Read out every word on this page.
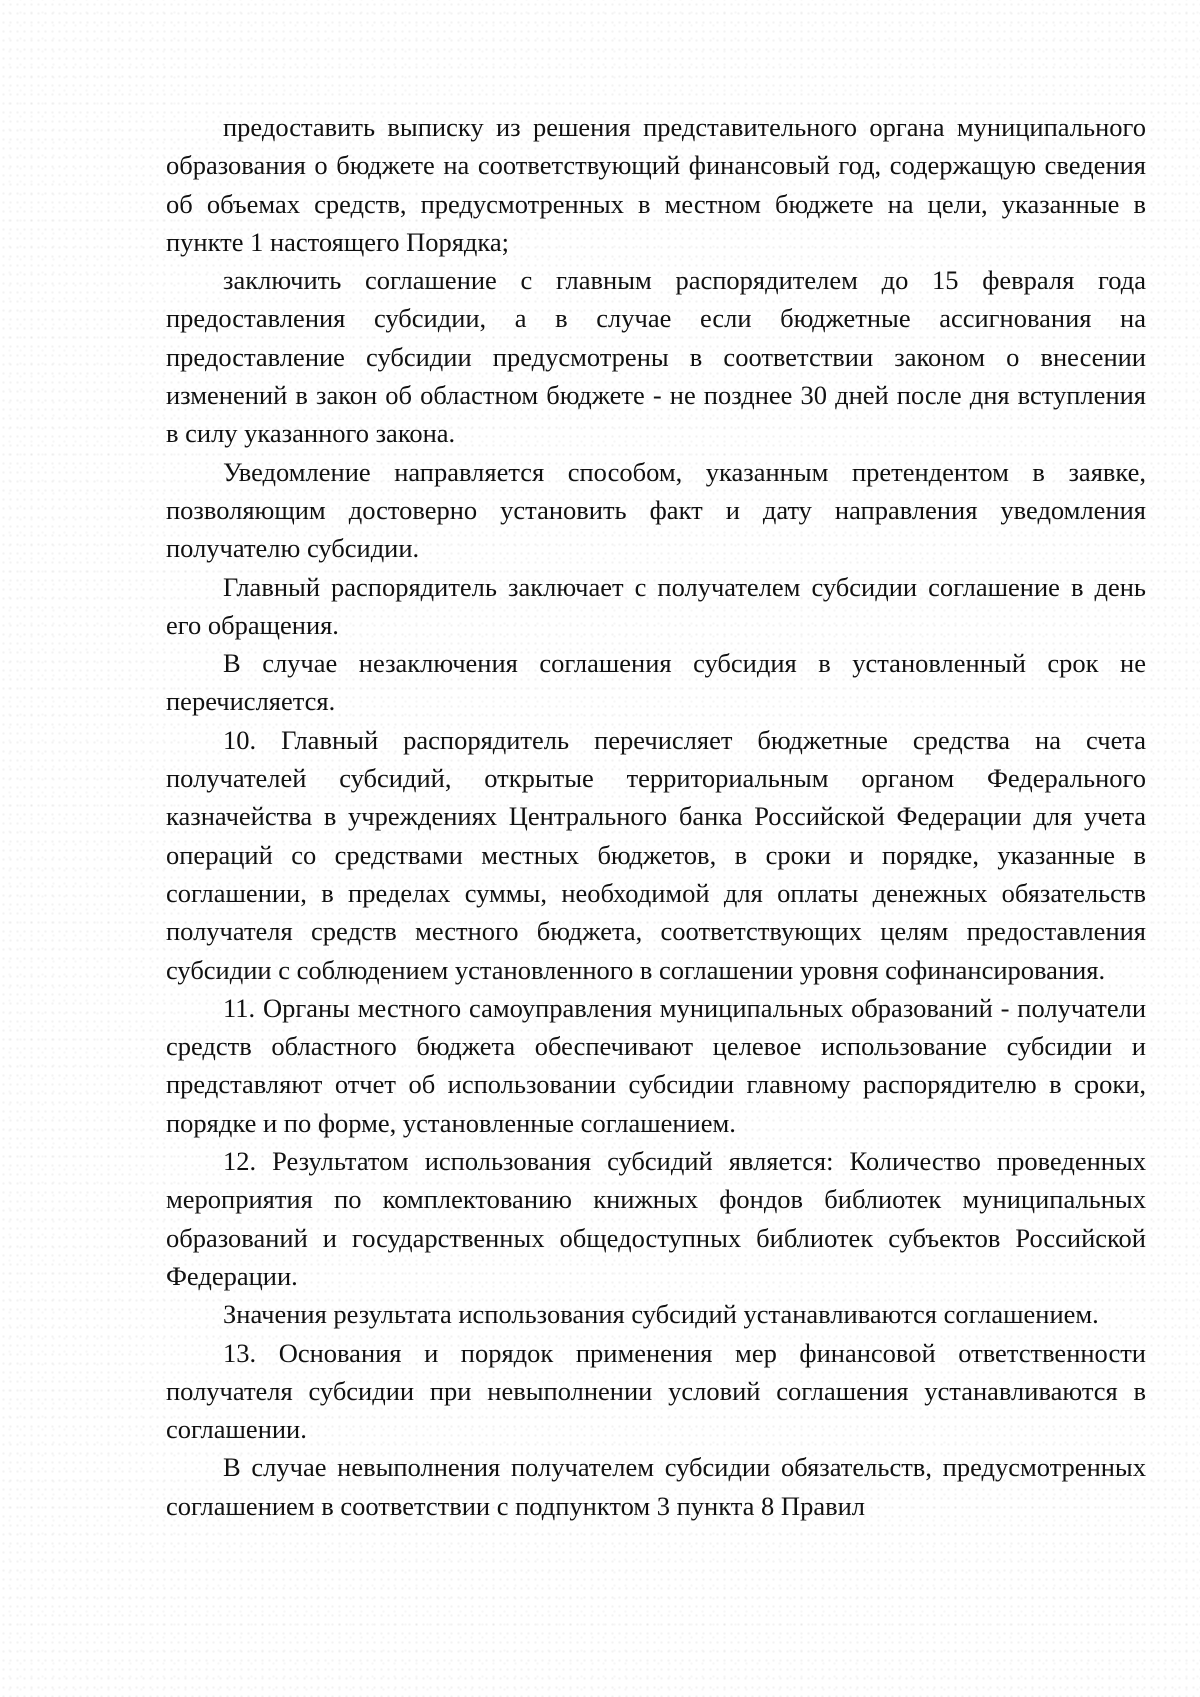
предоставить выписку из решения представительного органа муниципального образования о бюджете на соответствующий финансовый год, содержащую сведения об объемах средств, предусмотренных в местном бюджете на цели, указанные в пункте 1 настоящего Порядка;

заключить соглашение с главным распорядителем до 15 февраля года предоставления субсидии, а в случае если бюджетные ассигнования на предоставление субсидии предусмотрены в соответствии законом о внесении изменений в закон об областном бюджете - не позднее 30 дней после дня вступления в силу указанного закона.

Уведомление направляется способом, указанным претендентом в заявке, позволяющим достоверно установить факт и дату направления уведомления получателю субсидии.

Главный распорядитель заключает с получателем субсидии соглашение в день его обращения.

В случае незаключения соглашения субсидия в установленный срок не перечисляется.

10. Главный распорядитель перечисляет бюджетные средства на счета получателей субсидий, открытые территориальным органом Федерального казначейства в учреждениях Центрального банка Российской Федерации для учета операций со средствами местных бюджетов, в сроки и порядке, указанные в соглашении, в пределах суммы, необходимой для оплаты денежных обязательств получателя средств местного бюджета, соответствующих целям предоставления субсидии с соблюдением установленного в соглашении уровня софинансирования.

11. Органы местного самоуправления муниципальных образований - получатели средств областного бюджета обеспечивают целевое использование субсидии и представляют отчет об использовании субсидии главному распорядителю в сроки, порядке и по форме, установленные соглашением.

12. Результатом использования субсидий является: Количество проведенных мероприятия по комплектованию книжных фондов библиотек муниципальных образований и государственных общедоступных библиотек субъектов Российской Федерации.

Значения результата использования субсидий устанавливаются соглашением.

13. Основания и порядок применения мер финансовой ответственности получателя субсидии при невыполнении условий соглашения устанавливаются в соглашении.

В случае невыполнения получателем субсидии обязательств, предусмотренных соглашением в соответствии с подпунктом 3 пункта 8 Правил
